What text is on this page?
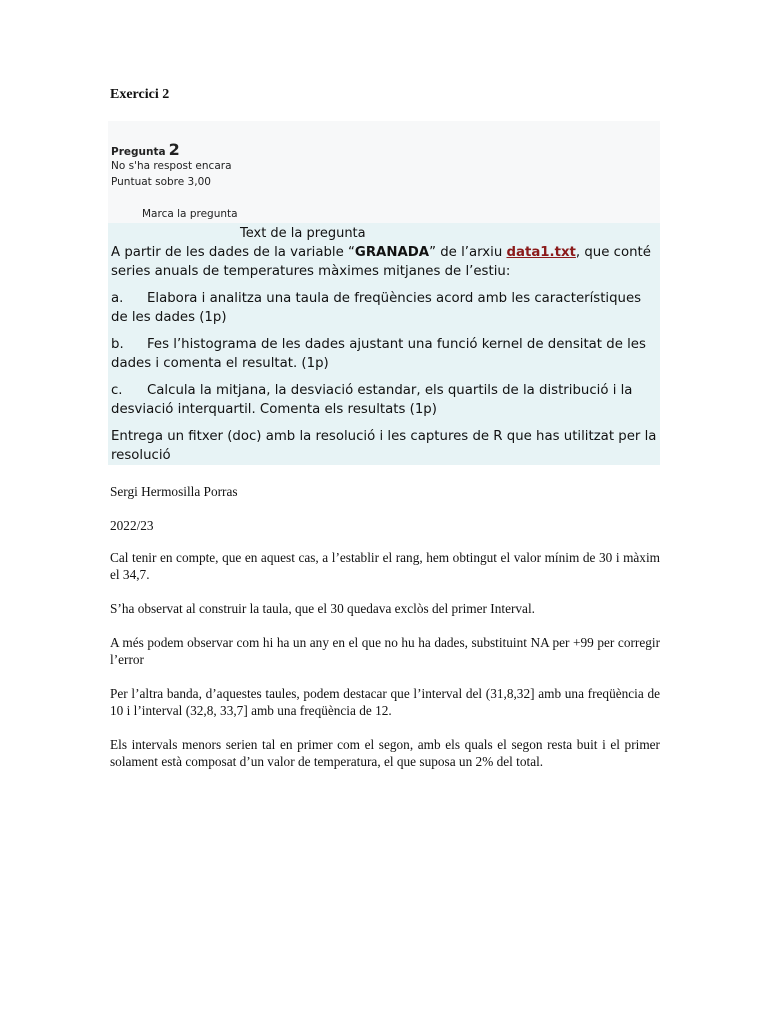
Exercici 2
Pregunta 2
No s'ha respost encara
Puntuat sobre 3,00
Marca la pregunta
Text de la pregunta

A partir de les dades de la variable “GRANADA” de l’arxiu data1.txt, que conté series anuals de temperatures màximes mitjanes de l’estiu:

a. Elabora i analitza una taula de freqüències acord amb les característiques de les dades (1p)

b. Fes l’histograma de les dades ajustant una funció kernel de densitat de les dades i comenta el resultat. (1p)

c. Calcula la mitjana, la desviació estandar, els quartils de la distribució i la desviació interquartil. Comenta els resultats (1p)

Entrega un fitxer (doc) amb la resolució i les captures de R que has utilitzat per la resolució

Sergi Hermosilla Porras
2022/23
Cal tenir en compte, que en aquest cas, a l’establir el rang, hem obtingut el valor mínim de 30 i màxim el 34,7.
S’ha observat al construir la taula, que el 30 quedava exclòs del primer Interval.
A més podem observar com hi ha un any en el que no hu ha dades, substituint NA per +99 per corregir l’error
Per l’altra banda, d’aquestes taules, podem destacar que l’interval del (31,8,32] amb una freqüència de 10 i l’interval (32,8, 33,7] amb una freqüència de 12.
Els intervals menors serien tal en primer com el segon, amb els quals el segon resta buit i el primer solament està composat d’un valor de temperatura, el que suposa un 2% del total.
